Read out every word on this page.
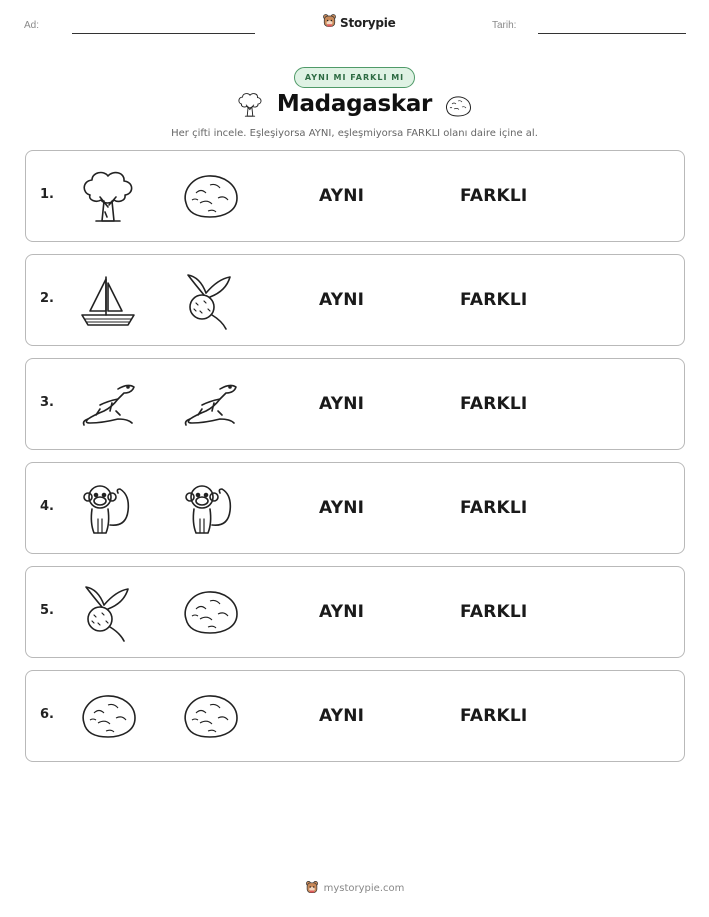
Ad:	Storypie	Tarih:
AYNI MI FARKLI MI
Madagaskar
Her çifti incele. Eşleşiyorsa AYNI, eşleşmiyorsa FARKLI olanı daire içine al.
1.	AYNI	FARKLI
2.	AYNI	FARKLI
3.	AYNI	FARKLI
4.	AYNI	FARKLI
5.	AYNI	FARKLI
6.	AYNI	FARKLI
mystorypie.com
